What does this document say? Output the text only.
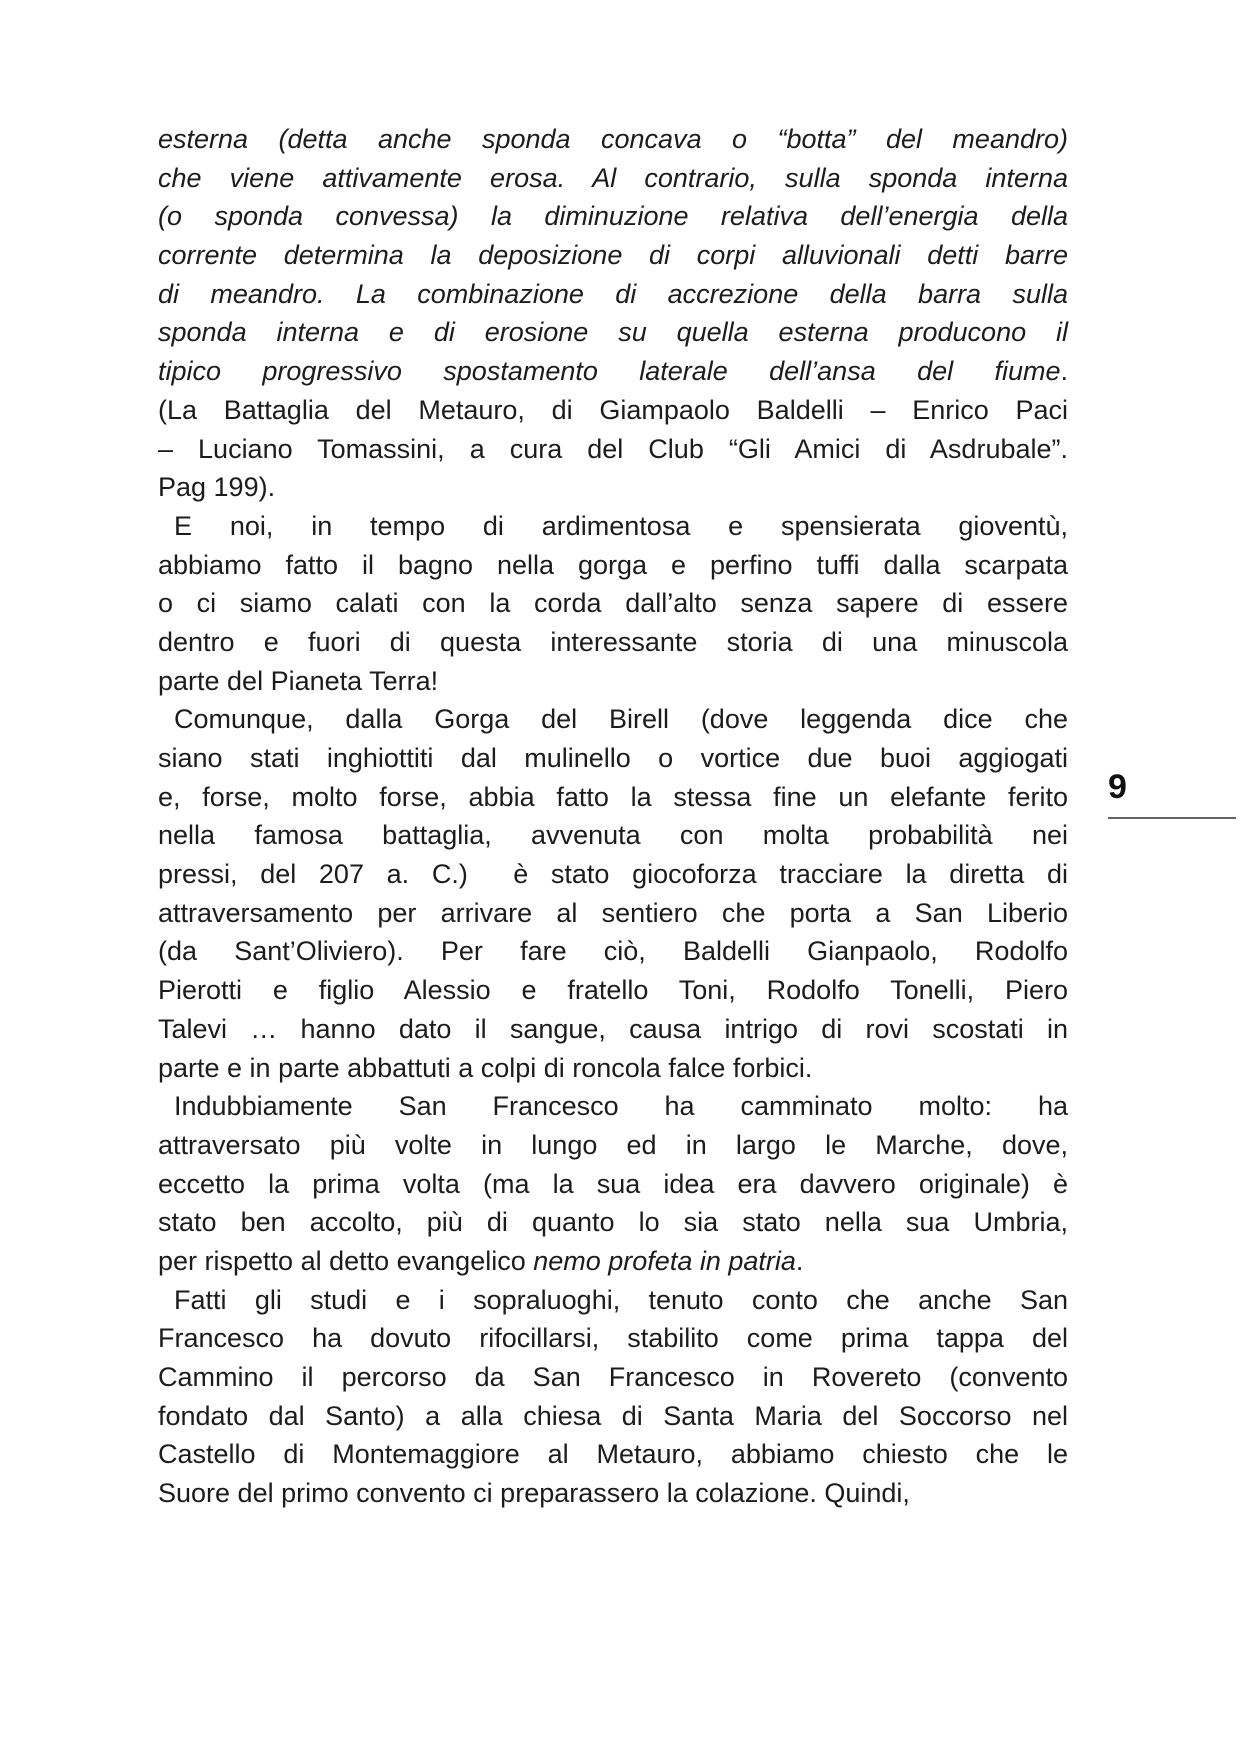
esterna (detta anche sponda concava o “botta” del meandro)
che viene attivamente erosa. Al contrario, sulla sponda interna
(o sponda convessa) la diminuzione relativa dell’energia della
corrente determina la deposizione di corpi alluvionali detti barre
di meandro. La combinazione di accrezione della barra sulla
sponda interna e di erosione su quella esterna producono il
tipico progressivo spostamento laterale dell’ansa del fiume.
(La Battaglia del Metauro, di Giampaolo Baldelli – Enrico Paci
– Luciano Tomassini, a cura del Club “Gli Amici di Asdrubale”.
Pag 199).
E noi, in tempo di ardimentosa e spensierata gioventù,
abbiamo fatto il bagno nella gorga e perfino tuffi dalla scarpata
o ci siamo calati con la corda dall’alto senza sapere di essere
dentro e fuori di questa interessante storia di una minuscola
parte del Pianeta Terra!
Comunque, dalla Gorga del Birell (dove leggenda dice che
siano stati inghiottiti dal mulinello o vortice due buoi aggiogati
e, forse, molto forse, abbia fatto la stessa fine un elefante ferito
nella famosa battaglia, avvenuta con molta probabilità nei
pressi, del 207 a. C.)  è stato giocoforza tracciare la diretta di
attraversamento per arrivare al sentiero che porta a San Liberio
(da Sant’Oliviero). Per fare ciò, Baldelli Gianpaolo, Rodolfo
Pierotti e figlio Alessio e fratello Toni, Rodolfo Tonelli, Piero
Talevi … hanno dato il sangue, causa intrigo di rovi scostati in
parte e in parte abbattuti a colpi di roncola falce forbici.
Indubbiamente San Francesco ha camminato molto: ha
attraversato più volte in lungo ed in largo le Marche, dove,
eccetto la prima volta (ma la sua idea era davvero originale) è
stato ben accolto, più di quanto lo sia stato nella sua Umbria,
per rispetto al detto evangelico nemo profeta in patria.
Fatti gli studi e i sopraluoghi, tenuto conto che anche San
Francesco ha dovuto rifocillarsi, stabilito come prima tappa del
Cammino il percorso da San Francesco in Rovereto (convento
fondato dal Santo) a alla chiesa di Santa Maria del Soccorso nel
Castello di Montemaggiore al Metauro, abbiamo chiesto che le
Suore del primo convento ci preparassero la colazione. Quindi,
9
